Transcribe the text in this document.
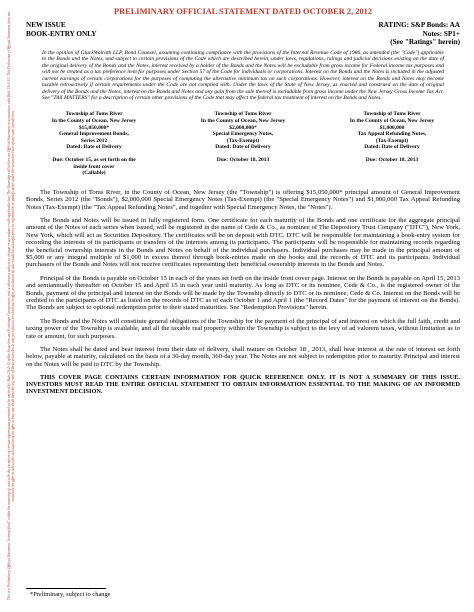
This is a Preliminary Official Statement "deemed final" within the meaning of, and with the exception of certain information permitted to be omitted by, Rule 15c2-12 of the Securities and Exchange Commission, and is otherwise subject to change in accordance with applicable law. The Township will deliver an Official Statement in accordance with Rule 15c2-12. This Preliminary Official Statement does not constitute an offer to sell or the solicitation of an offer to buy, nor shall there be any sale of these securities in any jurisdiction in which such offer, solicitation or sale would be unlawful prior to registration or qualification under the securities laws of any such jurisdiction.
PRELIMINARY OFFICIAL STATEMENT DATED OCTOBER 2, 2012
NEW ISSUE
BOOK-ENTRY ONLY
RATING: S&P Bonds: AA
Notes: SP1+
(See "Ratings" herein)
In the opinion of GluckWalrath LLP, Bond Counsel, assuming continuing compliance with the provisions of the Internal Revenue Code of 1986, as amended (the "Code") applicable to the Bonds and the Notes, and subject to certain provisions of the Code which are described herein, under laws, regulations, rulings and judicial decisions existing on the date of the original delivery of the Bonds and the Notes, interest received by a holder of the Bonds and the Notes will be excludable from gross income for Federal income tax purposes and will not be treated as a tax preference item for purposes under Section 57 of the Code for individuals or corporations. Interest on the Bonds and the Notes is included in the adjusted current earnings of certain corporations for the purposes of computing the alternative minimum tax on such corporations. However, interest on the Bonds and Notes may become taxable retroactively if certain requirements under the Code are not complied with. Under the laws of the State of New Jersey, as enacted and construed on the date of original delivery of the Bonds and the Notes, interest on the Bonds and Notes and any gain from the sale thereof is excludable from gross income under the New Jersey Gross Income Tax Act. See "TAX MATTERS" for a description of certain other provisions of the Code that may affect the federal tax treatment of interest on the Bonds and Notes.
Township of Toms River
In the County of Ocean, New Jersey
$15,050,000*
General Improvement Bonds,
Series 2012
Dated: Date of Delivery
Due: October 15, as set forth on the
inside front cover
(Callable)
Township of Toms River
In the County of Ocean, New Jersey
$2,000,000*
Special Emergency Notes,
(Tax-Exempt)
Dated: Date of Delivery
Due: October 18, 2013
Township of Toms River
In the County of Ocean, New Jersey
$1,000,000
Tax Appeal Refunding Notes,
(Tax-Exempt)
Dated: Date of Delivery
Due: October 18, 2013
The Township of Toms River, in the County of Ocean, New Jersey (the "Township") is offering $15,050,000* principal amount of General Improvement Bonds, Series 2012 (the "Bonds"), $2,000,000 Special Emergency Notes (Tax-Exempt) (the "Special Emergency Notes") and $1,000,000 Tax Appeal Refunding Notes (Tax-Exempt) (the "Tax Appeal Refunding Notes", and together with Special Emergency Notes, the "Notes").
The Bonds and Notes will be issued in fully registered form. One certificate for each maturity of the Bonds and one certificate for the aggregate principal amount of the Notes of each series when issued, will be registered in the name of Cede & Co., as nominee of The Depository Trust Company ("DTC"), New York, New York, which will act as Securities Depository. The certificates will be on deposit with DTC. DTC will be responsible for maintaining a book-entry system for recording the interests of its participants or transfers of the interests among its participants. The participants will be responsible for maintaining records regarding the beneficial ownership interests in the Bonds and Notes on behalf of the individual purchasers. Individual purchases may be made in the principal amount of $5,000 or any integral multiple of $1,000 in excess thereof through book-entries made on the books and the records of DTC and its participants. Individual purchasers of the Bonds and Notes will not receive certificates representing their beneficial ownership interests in the Bonds and Notes.
Principal of the Bonds is payable on October 15 in each of the years set forth on the inside front cover page. Interest on the Bonds is payable on April 15, 2013 and semiannually thereafter on October 15 and April 15 in each year until maturity. As long as DTC or its nominee, Cede & Co., is the registered owner of the Bonds, payment of the principal and interest on the Bonds will be made by the Township directly to DTC or its nominee, Cede & Co. Interest on the Bonds will be credited to the participants of DTC as listed on the records of DTC as of each October 1 and April 1 (the "Record Dates" for the payment of interest on the Bonds). The Bonds are subject to optional redemption prior to their stated maturities. See "Redemption Provisions" herein.
The Bonds and the Notes will constitute general obligations of the Township for the payment of the principal of and interest on which the full faith, credit and taxing power of the Township is available, and all the taxable real property within the Township is subject to the levy of ad valorem taxes, without limitation as to rate or amount, for such purposes.
The Notes shall be dated and bear interest from their date of delivery, shall mature on October 18 , 2013, shall bear interest at the rate of interest set forth below, payable at maturity, calculated on the basis of a 30-day month, 360-day year. The Notes are not subject to redemption prior to maturity. Principal and interest on the Notes will be paid to DTC by the Township.
THIS COVER PAGE CONTAINS CERTAIN INFORMATION FOR QUICK REFERENCE ONLY. IT IS NOT A SUMMARY OF THIS ISSUE. INVESTORS MUST READ THE ENTIRE OFFICIAL STATEMENT TO OBTAIN INFORMATION ESSENTIAL TO THE MAKING OF AN INFORMED INVESTMENT DECISION.
*Preliminary, subject to change
